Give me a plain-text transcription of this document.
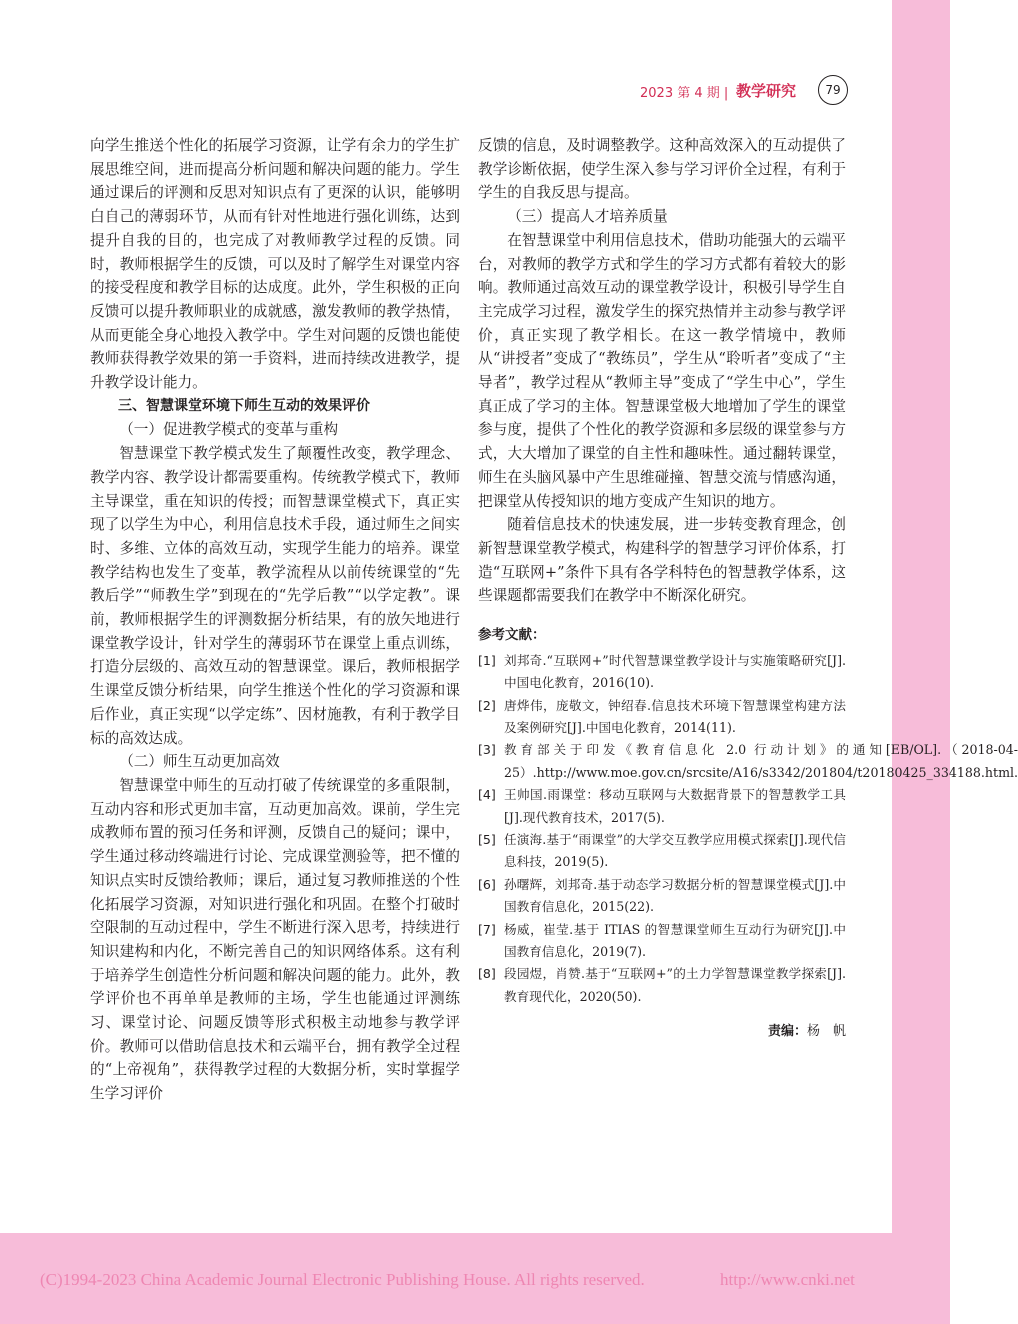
2023 第 4 期 | 教学研究	79

向学生推送个性化的拓展学习资源，让学有余力的学生扩展思维空间，进而提高分析问题和解决问题的能力。学生通过课后的评测和反思对知识点有了更深的认识，能够明白自己的薄弱环节，从而有针对性地进行强化训练，达到提升自我的目的，也完成了对教师教学过程的反馈。同时，教师根据学生的反馈，可以及时了解学生对课堂内容的接受程度和教学目标的达成度。此外，学生积极的正向反馈可以提升教师职业的成就感，激发教师的教学热情，从而更能全身心地投入教学中。学生对问题的反馈也能使教师获得教学效果的第一手资料，进而持续改进教学，提升教学设计能力。

三、智慧课堂环境下师生互动的效果评价

（一）促进教学模式的变革与重构

智慧课堂下教学模式发生了颠覆性改变，教学理念、教学内容、教学设计都需要重构。传统教学模式下，教师主导课堂，重在知识的传授；而智慧课堂模式下，真正实现了以学生为中心，利用信息技术手段，通过师生之间实时、多维、立体的高效互动，实现学生能力的培养。课堂教学结构也发生了变革，教学流程从以前传统课堂的“先教后学”“师教生学”到现在的“先学后教”“以学定教”。课前，教师根据学生的评测数据分析结果，有的放矢地进行课堂教学设计，针对学生的薄弱环节在课堂上重点训练，打造分层级的、高效互动的智慧课堂。课后，教师根据学生课堂反馈分析结果，向学生推送个性化的学习资源和课后作业，真正实现“以学定练”、因材施教，有利于教学目标的高效达成。

（二）师生互动更加高效

智慧课堂中师生的互动打破了传统课堂的多重限制，互动内容和形式更加丰富，互动更加高效。课前，学生完成教师布置的预习任务和评测，反馈自己的疑问；课中，学生通过移动终端进行讨论、完成课堂测验等，把不懂的知识点实时反馈给教师；课后，通过复习教师推送的个性化拓展学习资源，对知识进行强化和巩固。在整个打破时空限制的互动过程中，学生不断进行深入思考，持续进行知识建构和内化，不断完善自己的知识网络体系。这有利于培养学生创造性分析问题和解决问题的能力。此外，教学评价也不再单单是教师的主场，学生也能通过评测练习、课堂讨论、问题反馈等形式积极主动地参与教学评价。教师可以借助信息技术和云端平台，拥有教学全过程的“上帝视角”，获得教学过程的大数据分析，实时掌握学生学习评价

反馈的信息，及时调整教学。这种高效深入的互动提供了教学诊断依据，使学生深入参与学习评价全过程，有利于学生的自我反思与提高。

（三）提高人才培养质量

在智慧课堂中利用信息技术，借助功能强大的云端平台，对教师的教学方式和学生的学习方式都有着较大的影响。教师通过高效互动的课堂教学设计，积极引导学生自主完成学习过程，激发学生的探究热情并主动参与教学评价，真正实现了教学相长。在这一教学情境中，教师从“讲授者”变成了“教练员”，学生从“聆听者”变成了“主导者”，教学过程从“教师主导”变成了“学生中心”，学生真正成了学习的主体。智慧课堂极大地增加了学生的课堂参与度，提供了个性化的教学资源和多层级的课堂参与方式，大大增加了课堂的自主性和趣味性。通过翻转课堂，师生在头脑风暴中产生思维碰撞、智慧交流与情感沟通，把课堂从传授知识的地方变成产生知识的地方。

随着信息技术的快速发展，进一步转变教育理念，创新智慧课堂教学模式，构建科学的智慧学习评价体系，打造“互联网+”条件下具有各学科特色的智慧教学体系，这些课题都需要我们在教学中不断深化研究。

参考文献：

[1] 刘邦奇.“互联网+”时代智慧课堂教学设计与实施策略研究[J].中国电化教育，2016(10).
[2] 唐烨伟，庞敬文，钟绍春.信息技术环境下智慧课堂构建方法及案例研究[J].中国电化教育，2014(11).
[3] 教育部关于印发《教育信息化 2.0 行动计划》的通知[EB/OL].（2018-04-25）.http://www.moe.gov.cn/srcsite/A16/s3342/201804/t20180425_334188.html.
[4] 王帅国.雨课堂：移动互联网与大数据背景下的智慧教学工具[J].现代教育技术，2017(5).
[5] 任演海.基于“雨课堂”的大学交互教学应用模式探索[J].现代信息科技，2019(5).
[6] 孙曙辉，刘邦奇.基于动态学习数据分析的智慧课堂模式[J].中国教育信息化，2015(22).
[7] 杨威，崔莹.基于 ITIAS 的智慧课堂师生互动行为研究[J].中国教育信息化，2019(7).
[8] 段园煜，肖赞.基于“互联网+”的土力学智慧课堂教学探索[J].教育现代化，2020(50).
责编：杨　帆
(C)1994-2023 China Academic Journal Electronic Publishing House. All rights reserved.	http://www.cnki.net
